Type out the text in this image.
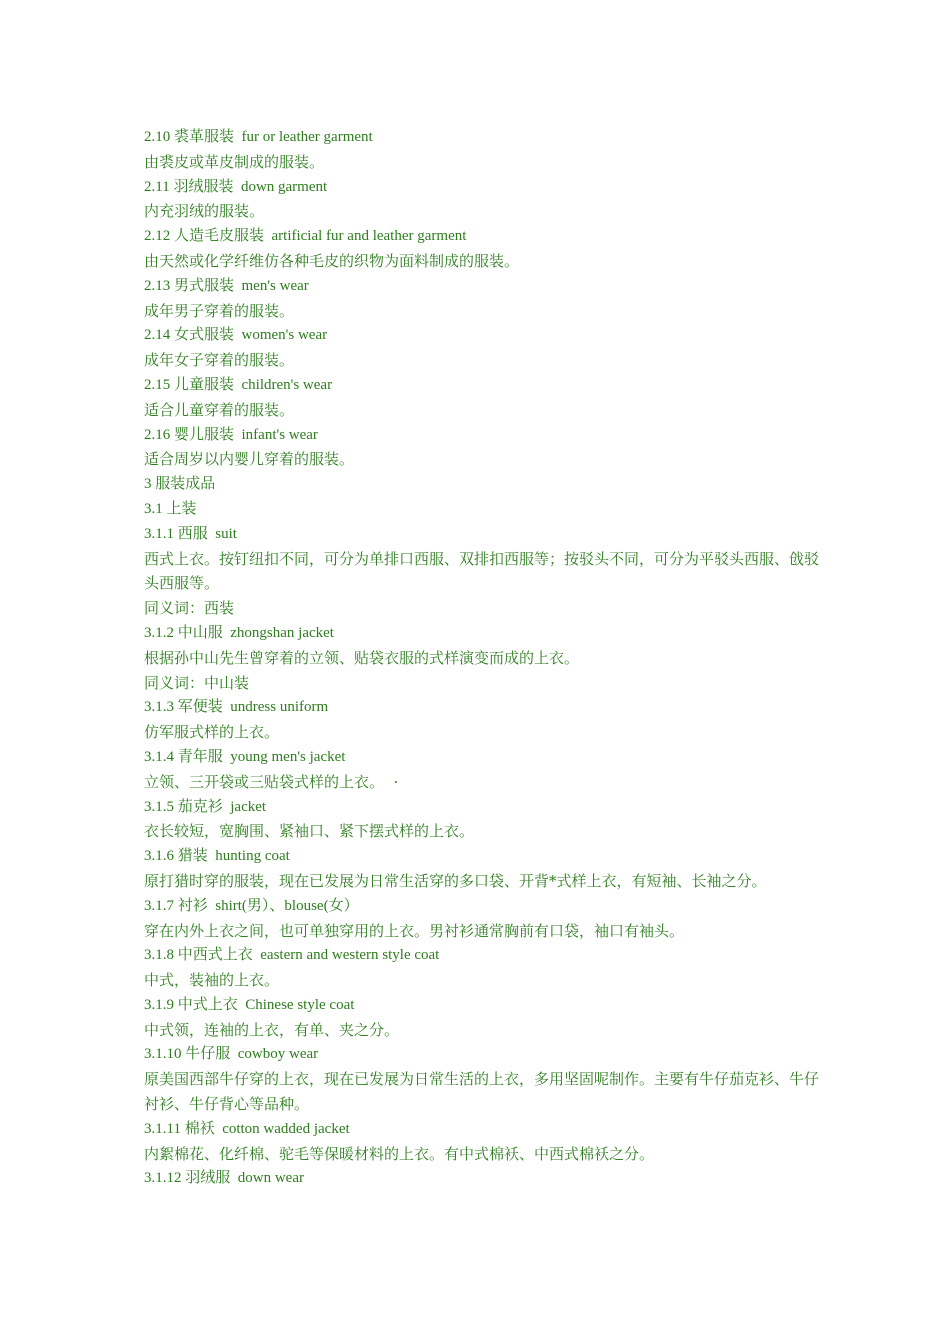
2.10 裘革服装  fur or leather garment
由裘皮或革皮制成的服装。
2.11 羽绒服装  down garment
内充羽绒的服装。
2.12 人造毛皮服装  artificial fur and leather garment
由天然或化学纤维仿各种毛皮的织物为面料制成的服装。
2.13 男式服装  men's wear
成年男子穿着的服装。
2.14 女式服装  women's wear
成年女子穿着的服装。
2.15 儿童服装  children's wear
适合儿童穿着的服装。
2.16 婴儿服装  infant's wear
适合周岁以内婴儿穿着的服装。
3 服装成品
3.1 上装
3.1.1 西服  suit
西式上衣。按钉纽扣不同，可分为单排口西服、双排扣西服等；按驳头不同，可分为平驳头西服、戗驳头西服等。
同义词：西装
3.1.2 中山服  zhongshan jacket
根据孙中山先生曾穿着的立领、贴袋衣服的式样演变而成的上衣。
同义词：中山装
3.1.3 军便装  undress uniform
仿军服式样的上衣。
3.1.4 青年服  young men's jacket
立领、三开袋或三贴袋式样的上衣。  ·
3.1.5 茄克衫  jacket
衣长较短，宽胸围、紧袖口、紧下摆式样的上衣。
3.1.6 猎装  hunting coat
原打猎时穿的服装，现在已发展为日常生活穿的多口袋、开背*式样上衣，有短袖、长袖之分。
3.1.7 衬衫  shirt(男）、blouse(女）
穿在内外上衣之间，也可单独穿用的上衣。男衬衫通常胸前有口袋，袖口有袖头。
3.1.8 中西式上衣  eastern and western style coat
中式，装袖的上衣。
3.1.9 中式上衣  Chinese style coat
中式领，连袖的上衣，有单、夹之分。
3.1.10 牛仔服  cowboy wear
原美国西部牛仔穿的上衣，现在已发展为日常生活的上衣，多用坚固呢制作。主要有牛仔茄克衫、牛仔衬衫、牛仔背心等品种。
3.1.11 棉袄  cotton wadded jacket
内絮棉花、化纤棉、驼毛等保暖材料的上衣。有中式棉袄、中西式棉袄之分。
3.1.12 羽绒服  down wear
